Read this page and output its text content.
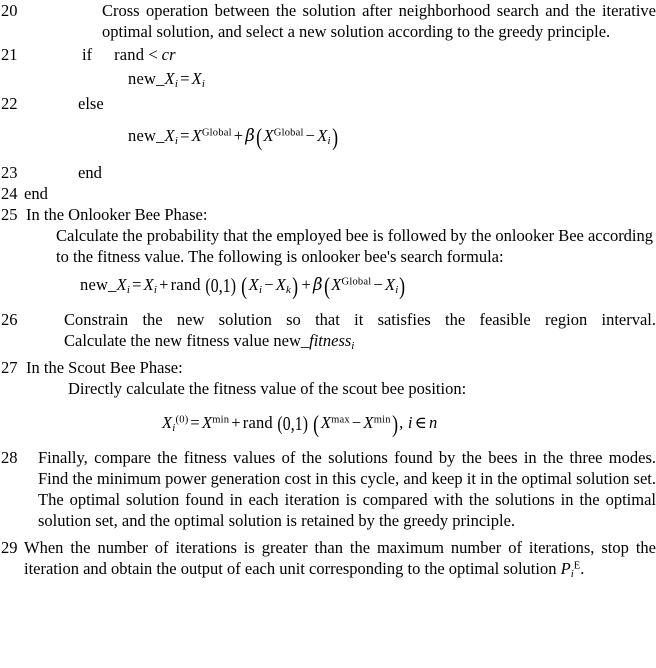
20	Cross operation between the solution after neighborhood search and the iterative optimal solution, and select a new solution according to the greedy principle.
21	if rand <  cr
$new\_X_i = X_i$
22	else
$new\_X_i = X^{Global} + \beta(X^{Global} - X_i)$
23	end
24 end
25 In the Onlooker Bee Phase:
Calculate the probability that the employed bee is followed by the onlooker Bee according to the fitness value. The following is onlooker bee's search formula:
$new\_X_i = X_i$ + rand (0,1) $(X_i - X_k) + \beta(X^{Global} - X_i)$
26	Constrain the new solution so that it satisfies the feasible region interval.
Calculate the new fitness value new_fitness$_i$
27 In the Scout Bee Phase:
Directly calculate the fitness value of the scout bee position:
$X_i^{(0)} = X^{min}$ + rand (0,1) $(X^{max} - X^{min})$, i ∈ n
28	Finally, compare the fitness values of the solutions found by the bees in the three modes. Find the minimum power generation cost in this cycle, and keep it in the optimal solution set. The optimal solution found in each iteration is compared with the solutions in the optimal solution set, and the optimal solution is retained by the greedy principle.
29 When the number of iterations is greater than the maximum number of iterations, stop the iteration and obtain the output of each unit corresponding to the optimal solution $P_i^E$.
